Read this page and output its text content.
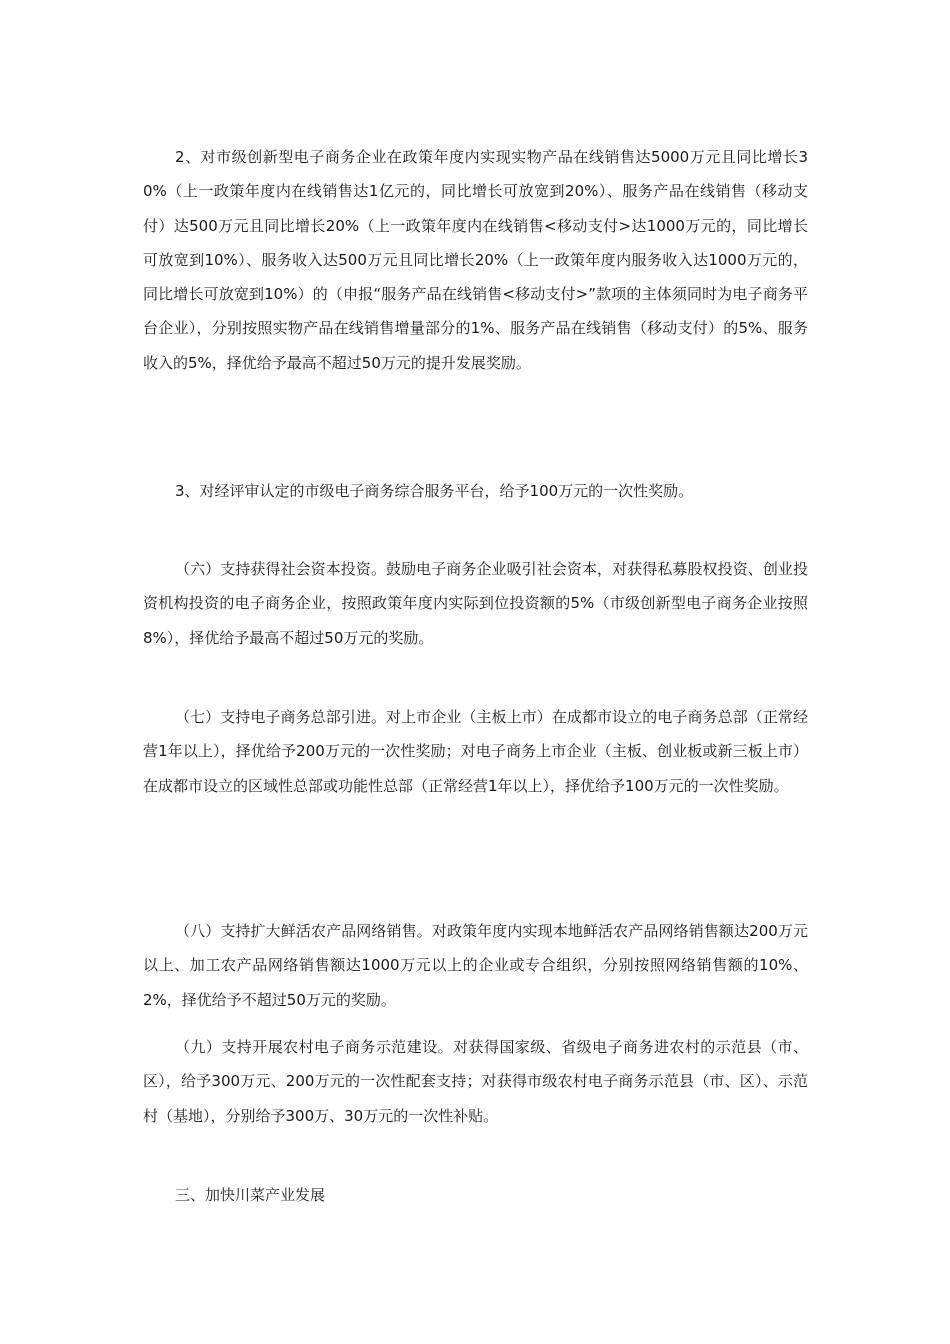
2、对市级创新型电子商务企业在政策年度内实现实物产品在线销售达5000万元且同比增长30%（上一政策年度内在线销售达1亿元的，同比增长可放宽到20%）、服务产品在线销售（移动支付）达500万元且同比增长20%（上一政策年度内在线销售<移动支付>达1000万元的，同比增长可放宽到10%）、服务收入达500万元且同比增长20%（上一政策年度内服务收入达1000万元的，同比增长可放宽到10%）的（申报“服务产品在线销售<移动支付>”款项的主体须同时为电子商务平台企业），分别按照实物产品在线销售增量部分的1%、服务产品在线销售（移动支付）的5%、服务收入的5%，择优给予最高不超过50万元的提升发展奖励。

3、对经评审认定的市级电子商务综合服务平台，给予100万元的一次性奖励。

（六）支持获得社会资本投资。鼓励电子商务企业吸引社会资本，对获得私募股权投资、创业投资机构投资的电子商务企业，按照政策年度内实际到位投资额的5%（市级创新型电子商务企业按照8%），择优给予最高不超过50万元的奖励。

（七）支持电子商务总部引进。对上市企业（主板上市）在成都市设立的电子商务总部（正常经营1年以上），择优给予200万元的一次性奖励；对电子商务上市企业（主板、创业板或新三板上市）在成都市设立的区域性总部或功能性总部（正常经营1年以上），择优给予100万元的一次性奖励。

（八）支持扩大鲜活农产品网络销售。对政策年度内实现本地鲜活农产品网络销售额达200万元以上、加工农产品网络销售额达1000万元以上的企业或专合组织，分别按照网络销售额的10%、2%，择优给予不超过50万元的奖励。

（九）支持开展农村电子商务示范建设。对获得国家级、省级电子商务进农村的示范县（市、区），给予300万元、200万元的一次性配套支持；对获得市级农村电子商务示范县（市、区）、示范村（基地），分别给予300万、30万元的一次性补贴。

三、加快川菜产业发展
